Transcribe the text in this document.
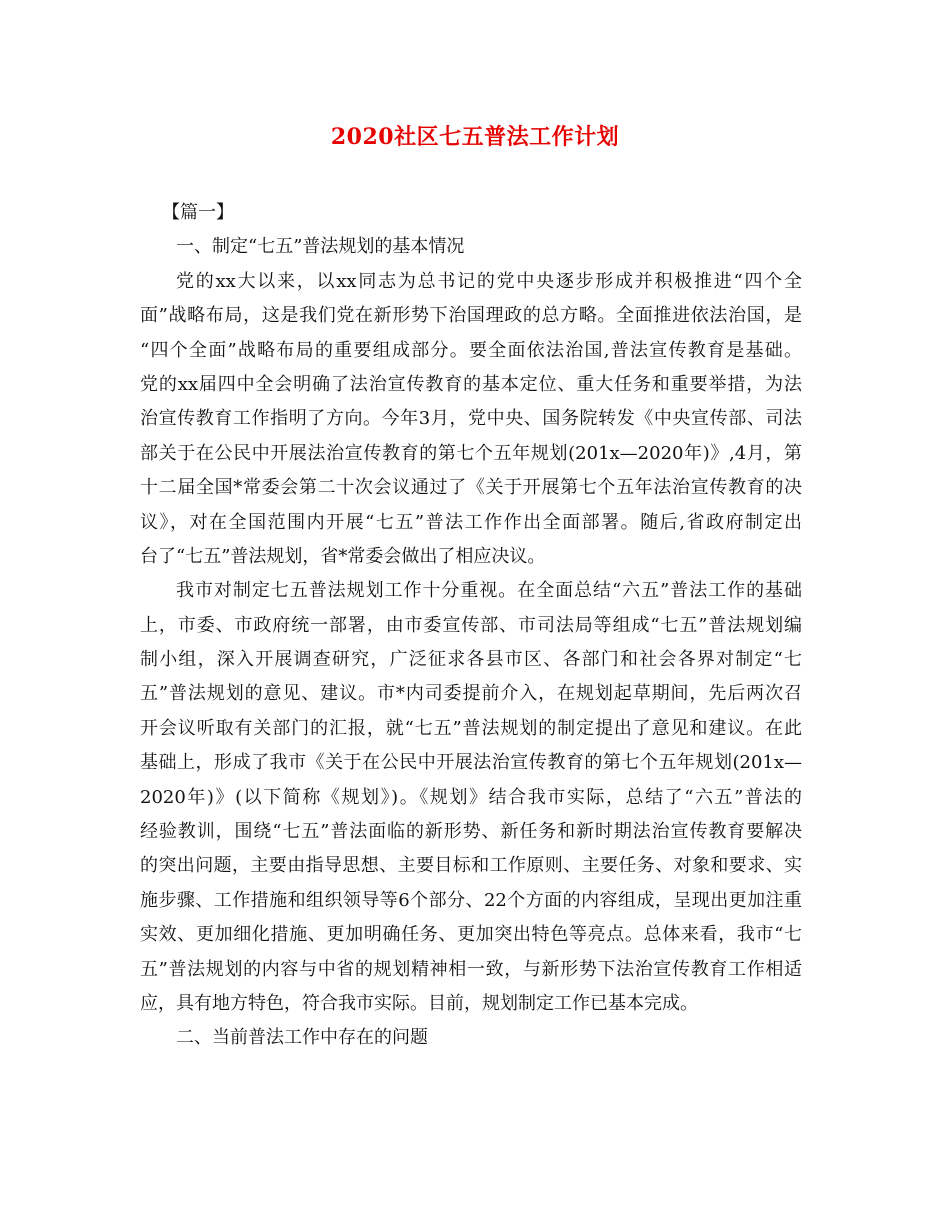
2020社区七五普法工作计划
【篇一】
一、制定“七五”普法规划的基本情况
党的xx大以来，以xx同志为总书记的党中央逐步形成并积极推进“四个全
面”战略布局，这是我们党在新形势下治国理政的总方略。全面推进依法治国，是
“四个全面”战略布局的重要组成部分。要全面依法治国,普法宣传教育是基础。
党的xx届四中全会明确了法治宣传教育的基本定位、重大任务和重要举措，为法
治宣传教育工作指明了方向。今年3月，党中央、国务院转发《中央宣传部、司法
部关于在公民中开展法治宣传教育的第七个五年规划(201x—2020年)》,4月，第
十二届全国*常委会第二十次会议通过了《关于开展第七个五年法治宣传教育的决
议》，对在全国范围内开展“七五”普法工作作出全面部署。随后,省政府制定出
台了“七五”普法规划，省*常委会做出了相应决议。
我市对制定七五普法规划工作十分重视。在全面总结“六五”普法工作的基础
上，市委、市政府统一部署，由市委宣传部、市司法局等组成“七五”普法规划编
制小组，深入开展调查研究，广泛征求各县市区、各部门和社会各界对制定“七
五”普法规划的意见、建议。市*内司委提前介入，在规划起草期间，先后两次召
开会议听取有关部门的汇报，就“七五”普法规划的制定提出了意见和建议。在此
基础上，形成了我市《关于在公民中开展法治宣传教育的第七个五年规划(201x—
2020年)》(以下简称《规划》)。《规划》结合我市实际，总结了“六五”普法的
经验教训，围绕“七五”普法面临的新形势、新任务和新时期法治宣传教育要解决
的突出问题，主要由指导思想、主要目标和工作原则、主要任务、对象和要求、实
施步骤、工作措施和组织领导等6个部分、22个方面的内容组成，呈现出更加注重
实效、更加细化措施、更加明确任务、更加突出特色等亮点。总体来看，我市“七
五”普法规划的内容与中省的规划精神相一致，与新形势下法治宣传教育工作相适
应，具有地方特色，符合我市实际。目前，规划制定工作已基本完成。
二、当前普法工作中存在的问题
